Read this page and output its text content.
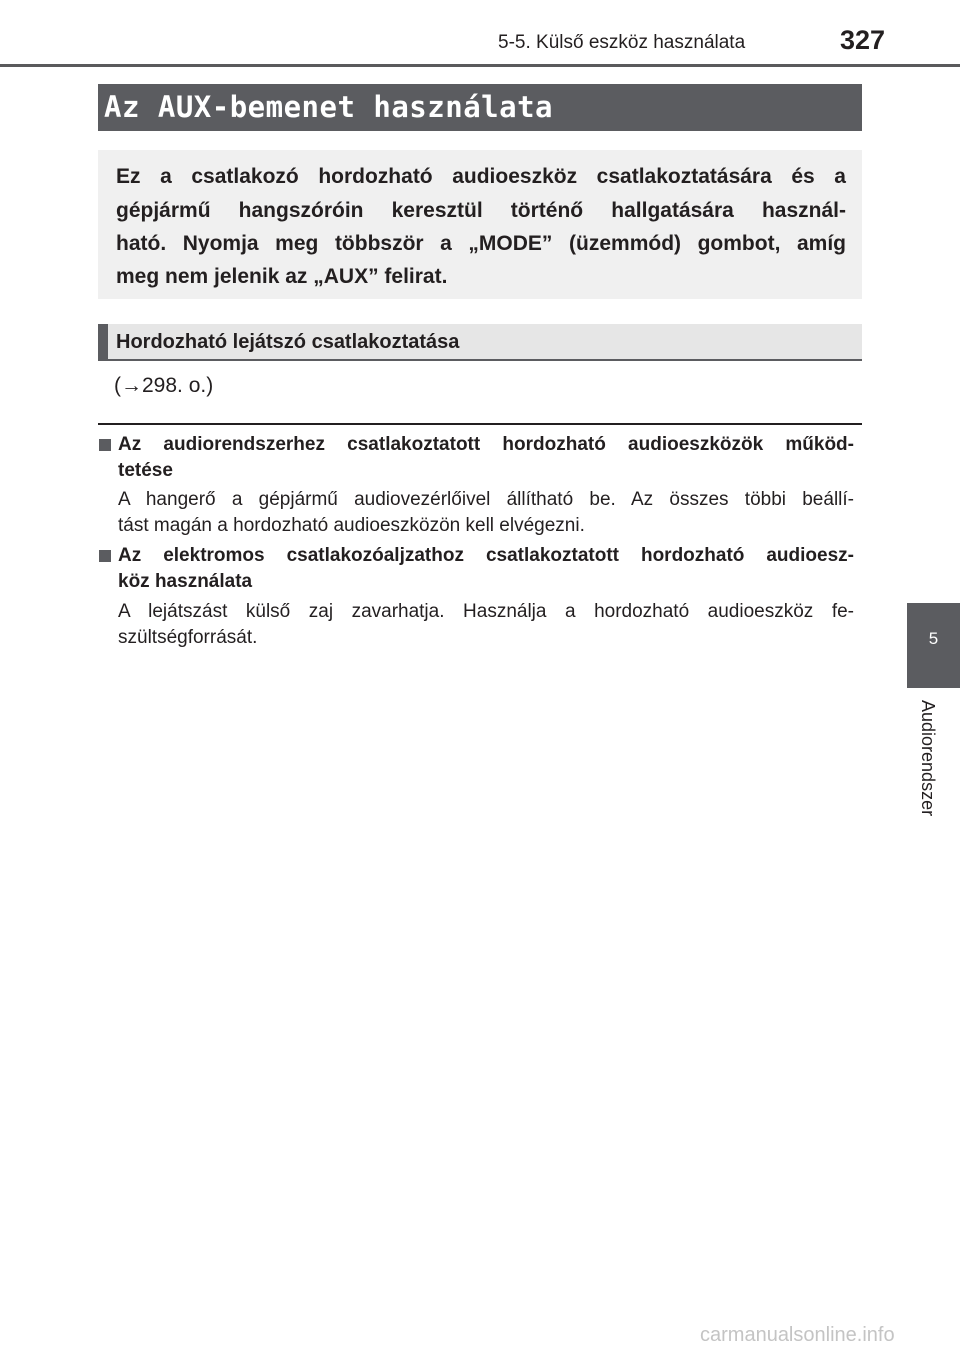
5-5. Külső eszköz használata	327
Az AUX-bemenet használata
Ez a csatlakozó hordozható audioeszköz csatlakoztatására és a
gépjármű hangszóróin keresztül történő hallgatására használ-
ható. Nyomja meg többször a „MODE” (üzemmód) gombot, amíg
meg nem jelenik az „AUX” felirat.
Hordozható lejátszó csatlakoztatása
(→298. o.)
Az audiorendszerhez csatlakoztatott hordozható audioeszközök működ-
tetése
A hangerő a gépjármű audiovezérlőivel állítható be. Az összes többi beállí-
tást magán a hordozható audioeszközön kell elvégezni.
Az elektromos csatlakozóaljzathoz csatlakoztatott hordozható audioesz-
köz használata
A lejátszást külső zaj zavarhatja. Használja a hordozható audioeszköz fe-
szültségforrását.	5
Audiorendszer
carmanualsonline.info
